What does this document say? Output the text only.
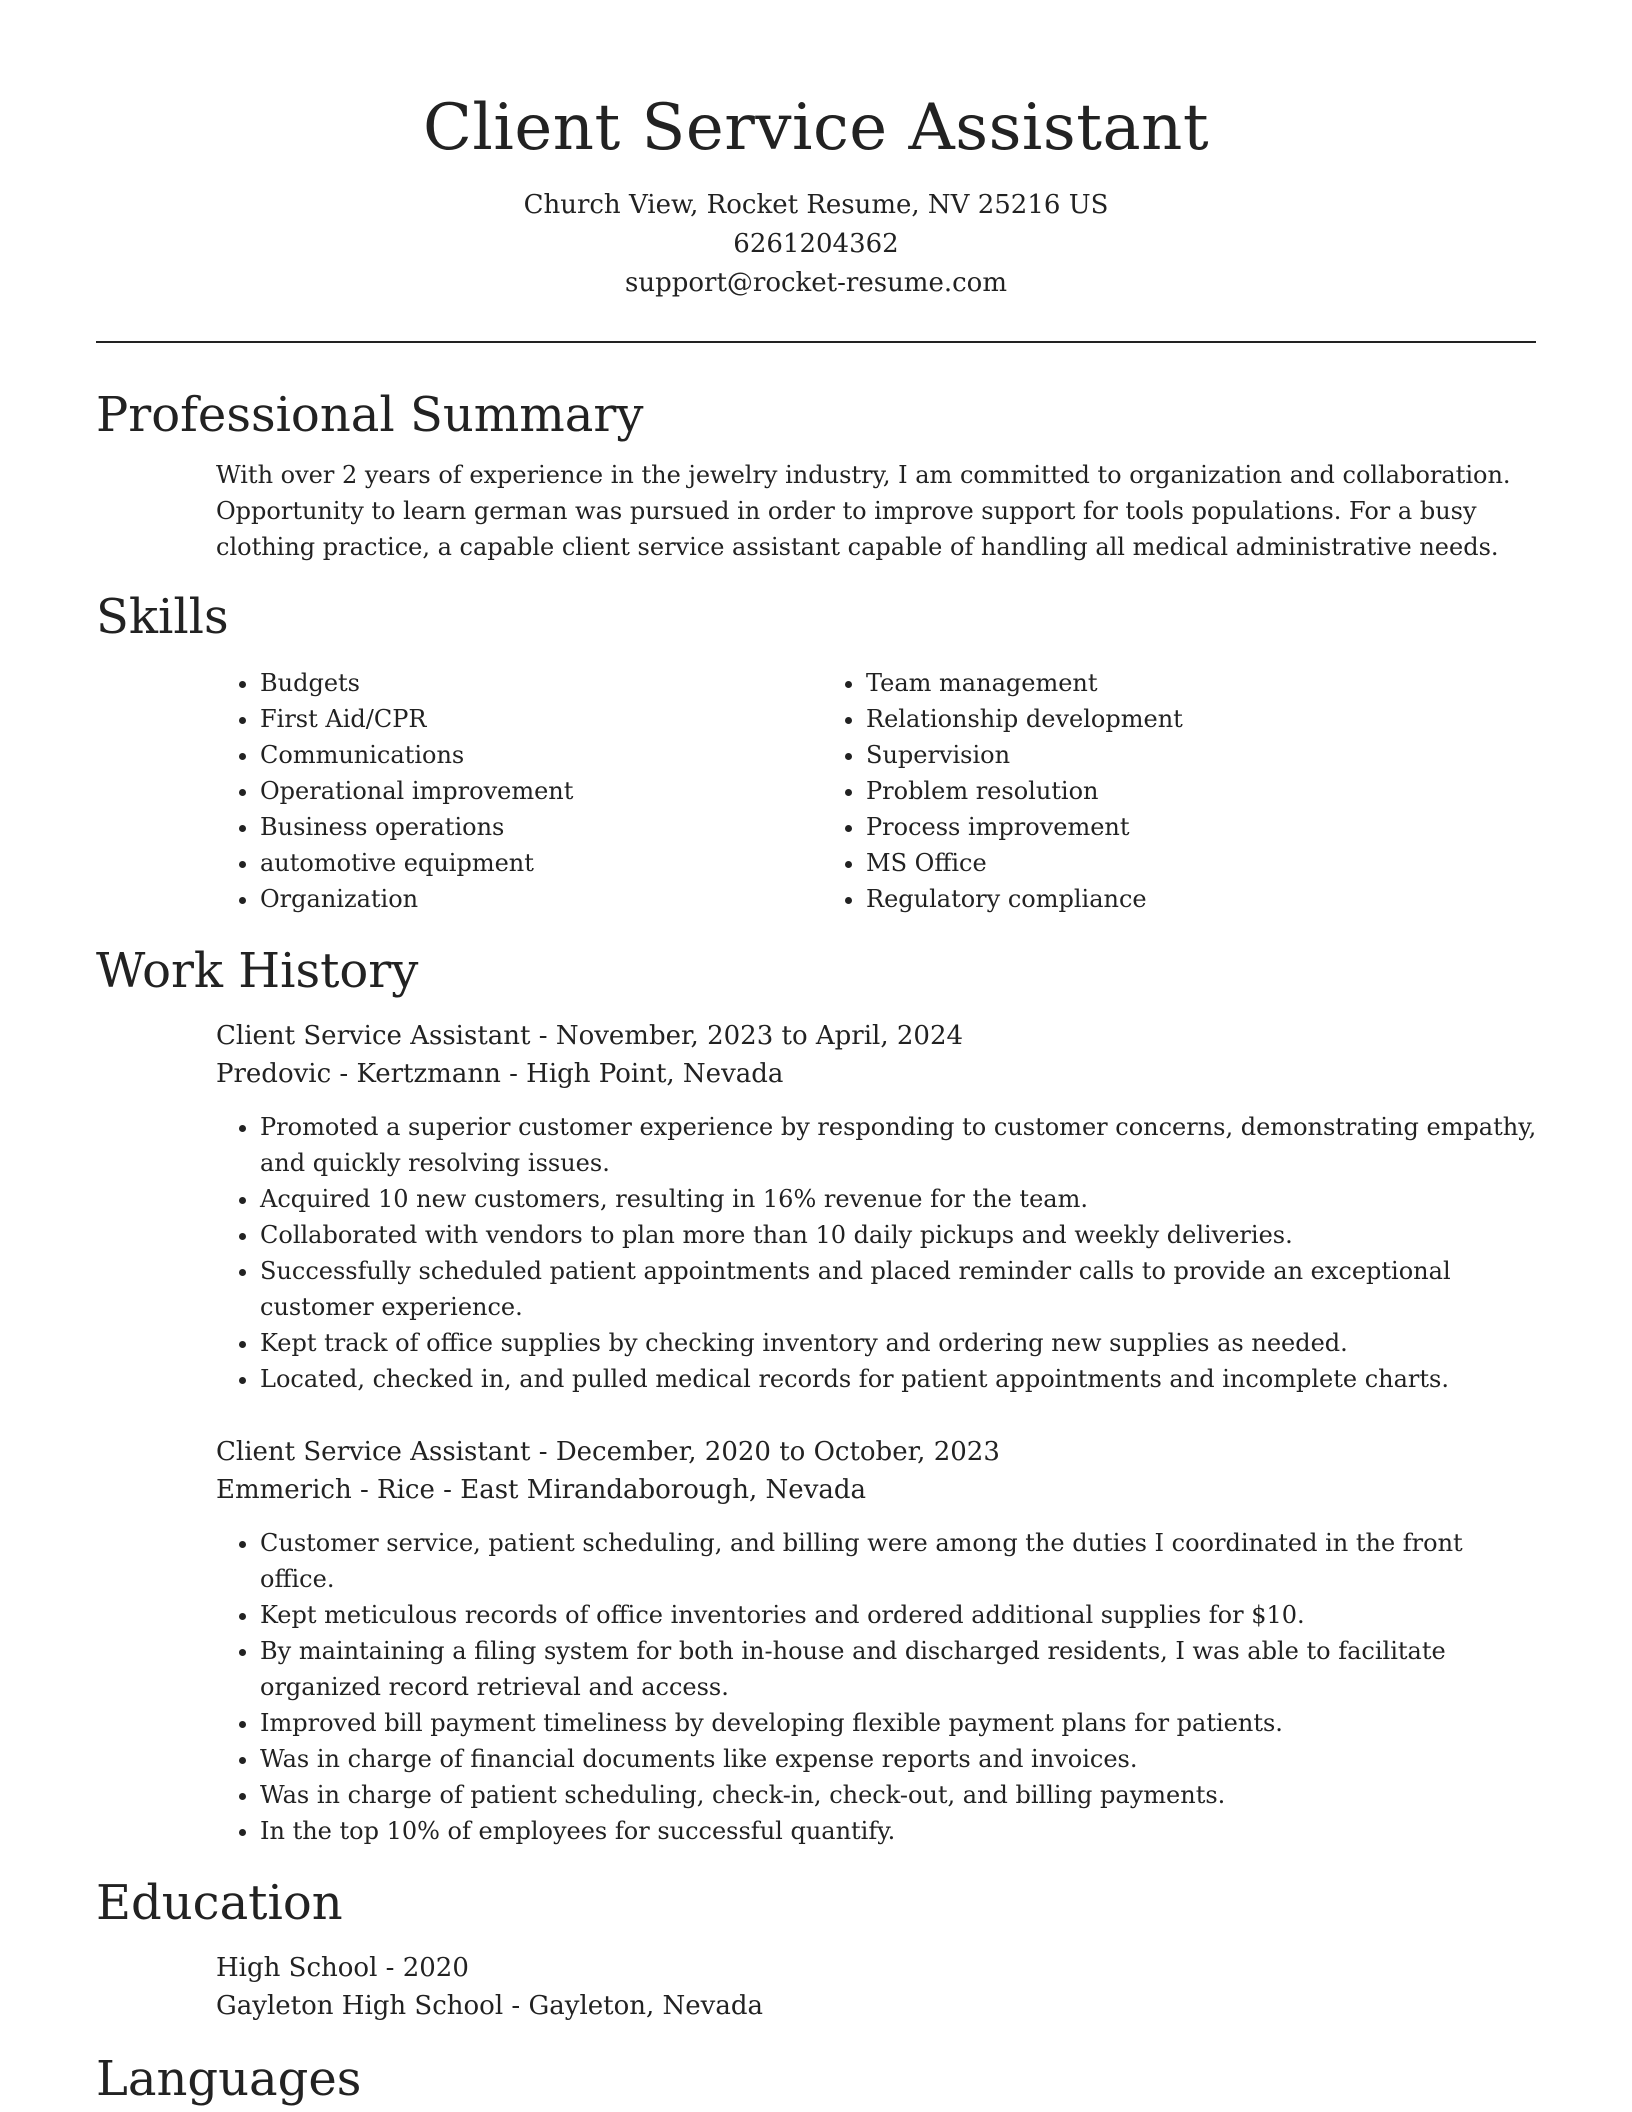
Client Service Assistant
Church View, Rocket Resume, NV 25216 US
6261204362
support@rocket-resume.com
Professional Summary

With over 2 years of experience in the jewelry industry, I am committed to organization and collaboration. Opportunity to learn german was pursued in order to improve support for tools populations. For a busy clothing practice, a capable client service assistant capable of handling all medical administrative needs.

Skills
• Budgets
• First Aid/CPR
• Communications
• Operational improvement
• Business operations
• automotive equipment
• Organization
• Team management
• Relationship development
• Supervision
• Problem resolution
• Process improvement
• MS Office
• Regulatory compliance
Work History
Client Service Assistant - November, 2023 to April, 2024
Predovic - Kertzmann - High Point, Nevada
• Promoted a superior customer experience by responding to customer concerns, demonstrating empathy, and quickly resolving issues.
• Acquired 10 new customers, resulting in 16% revenue for the team.
• Collaborated with vendors to plan more than 10 daily pickups and weekly deliveries.
• Successfully scheduled patient appointments and placed reminder calls to provide an exceptional customer experience.
• Kept track of office supplies by checking inventory and ordering new supplies as needed.
• Located, checked in, and pulled medical records for patient appointments and incomplete charts.
Client Service Assistant - December, 2020 to October, 2023
Emmerich - Rice - East Mirandaborough, Nevada
• Customer service, patient scheduling, and billing were among the duties I coordinated in the front office.
• Kept meticulous records of office inventories and ordered additional supplies for $10.
• By maintaining a filing system for both in-house and discharged residents, I was able to facilitate organized record retrieval and access.
• Improved bill payment timeliness by developing flexible payment plans for patients.
• Was in charge of financial documents like expense reports and invoices.
• Was in charge of patient scheduling, check-in, check-out, and billing payments.
• In the top 10% of employees for successful quantify.
Education
High School - 2020
Gayleton High School - Gayleton, Nevada
Languages
